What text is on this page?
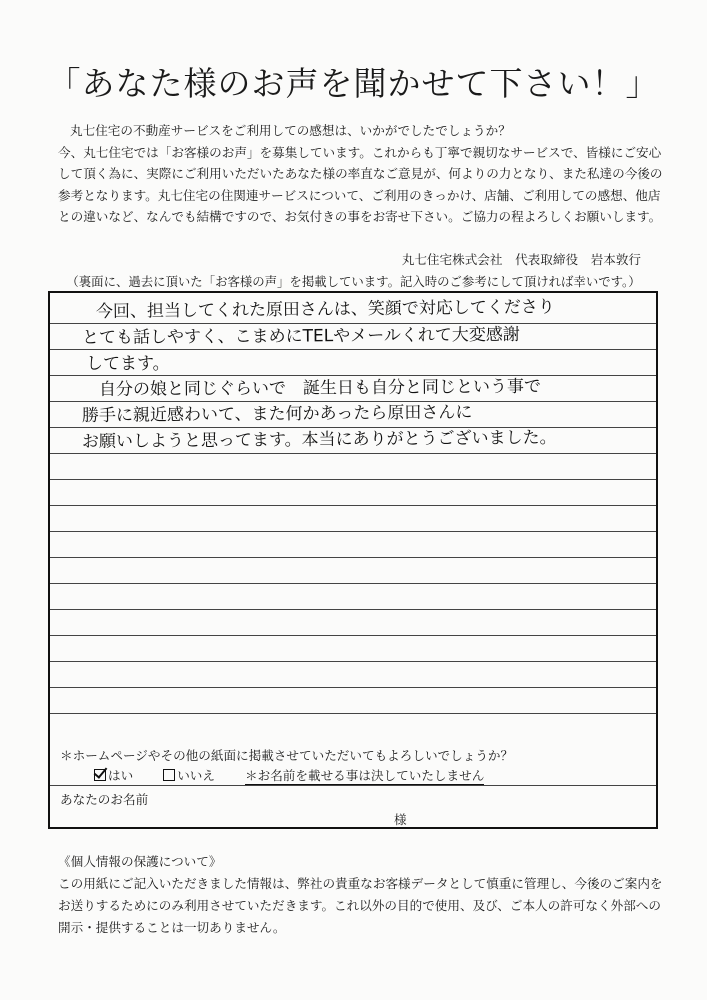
「あなた様のお声を聞かせて下さい！」

丸七住宅の不動産サービスをご利用しての感想は、いかがでしたでしょうか？

今、丸七住宅では「お客様のお声」を募集しています。これからも丁寧で親切なサービスで、皆様にご安心

して頂く為に、実際にご利用いただいたあなた様の率直なご意見が、何よりの力となり、また私達の今後の

参考となります。丸七住宅の住関連サービスについて、ご利用のきっかけ、店舗、ご利用しての感想、他店

との違いなど、なんでも結構ですので、お気付きの事をお寄せ下さい。ご協力の程よろしくお願いします。

丸七住宅株式会社　代表取締役　岩本敦行
（裏面に、過去に頂いた「お客様の声」を掲載しています。記入時のご参考にして頂ければ幸いです。）
今回、担当してくれた原田さんは、笑顔で対応してくださり
とても話しやすく、こまめにTELやメールくれて大変感謝
してます。
　自分の娘と同じぐらいで　誕生日も自分と同じという事で
勝手に親近感わいて、また何かあったら原田さんに
お願いしようと思ってます。本当にありがとうございました。
＊ホームページやその他の紙面に掲載させていただいてもよろしいでしょうか？
はい	いいえ ＊お名前を載せる事は決していたしません
あなたのお名前
様

《個人情報の保護について》

この用紙にご記入いただきました情報は、弊社の貴重なお客様データとして慎重に管理し、今後のご案内を

お送りするためにのみ利用させていただきます。これ以外の目的で使用、及び、ご本人の許可なく外部への

開示・提供することは一切ありません。
